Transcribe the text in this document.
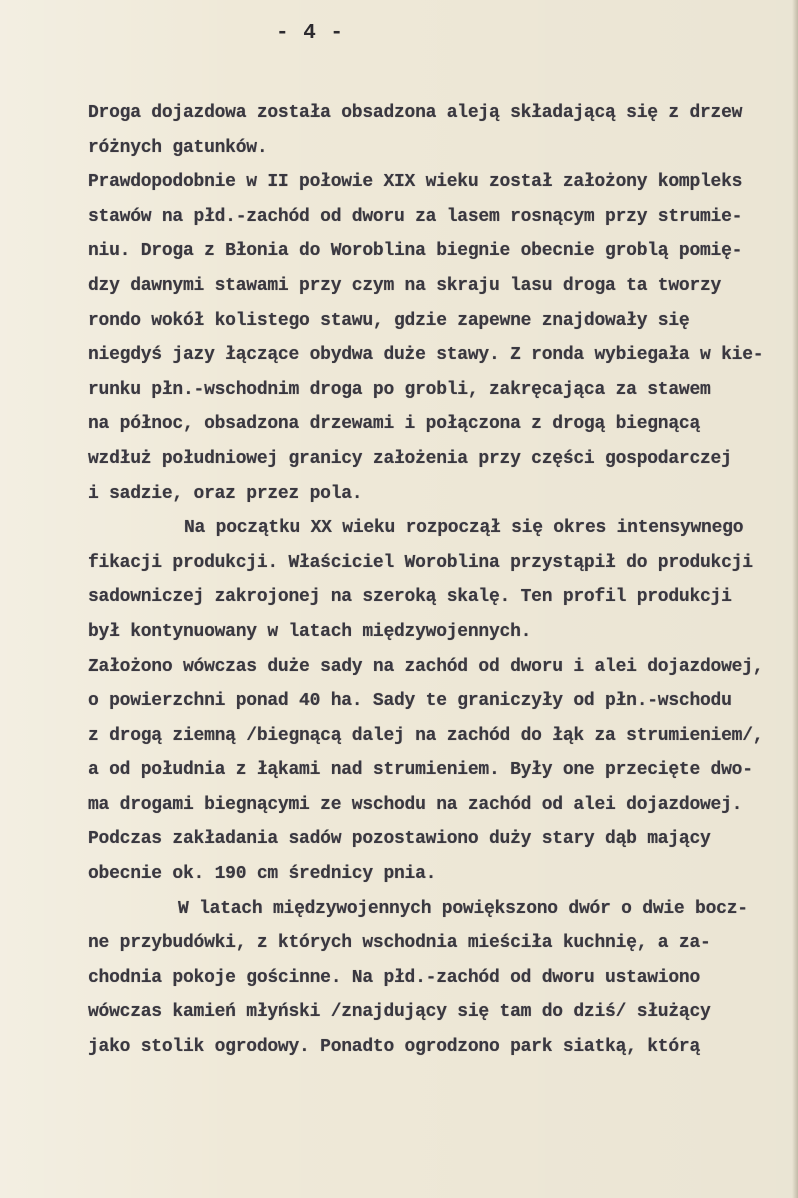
- 4 -
Droga dojazdowa została obsadzona aleją składającą się z drzew
różnych gatunków.
Prawdopodobnie w II połowie XIX wieku został założony kompleks
stawów na płd.-zachód od dworu za lasem rosnącym przy strumie-
niu. Droga z Błonia do Woroblina biegnie obecnie groblą pomię-
dzy dawnymi stawami przy czym na skraju lasu droga ta tworzy
rondo wokół kolistego stawu, gdzie zapewne znajdowały się
niegdyś jazy łączące obydwa duże stawy. Z ronda wybiegała w kie-
runku płn.-wschodnim droga po grobli, zakręcająca za stawem
na północ, obsadzona drzewami i połączona z drogą biegnącą
wzdłuż południowej granicy założenia przy części gospodarczej
i sadzie, oraz przez pola.
Na początku XX wieku rozpoczął się okres intensywnego
fikacji produkcji. Właściciel Woroblina przystąpił do produkcji
sadowniczej zakrojonej na szeroką skalę. Ten profil produkcji
był kontynuowany w latach międzywojennych.
Założono wówczas duże sady na zachód od dworu i alei dojazdowej,
o powierzchni ponad 40 ha. Sady te graniczyły od płn.-wschodu
z drogą ziemną /biegnącą dalej na zachód do łąk za strumieniem/,
a od południa z łąkami nad strumieniem. Były one przecięte dwo-
ma drogami biegnącymi ze wschodu na zachód od alei dojazdowej.
Podczas zakładania sadów pozostawiono duży stary dąb mający
obecnie ok. 190 cm średnicy pnia.
W latach międzywojennych powiększono dwór o dwie bocz-
ne przybudówki, z których wschodnia mieściła kuchnię, a za-
chodnia pokoje gościnne. Na płd.-zachód od dworu ustawiono
wówczas kamień młyński /znajdujący się tam do dziś/ służący
jako stolik ogrodowy. Ponadto ogrodzono park siatką, którą
